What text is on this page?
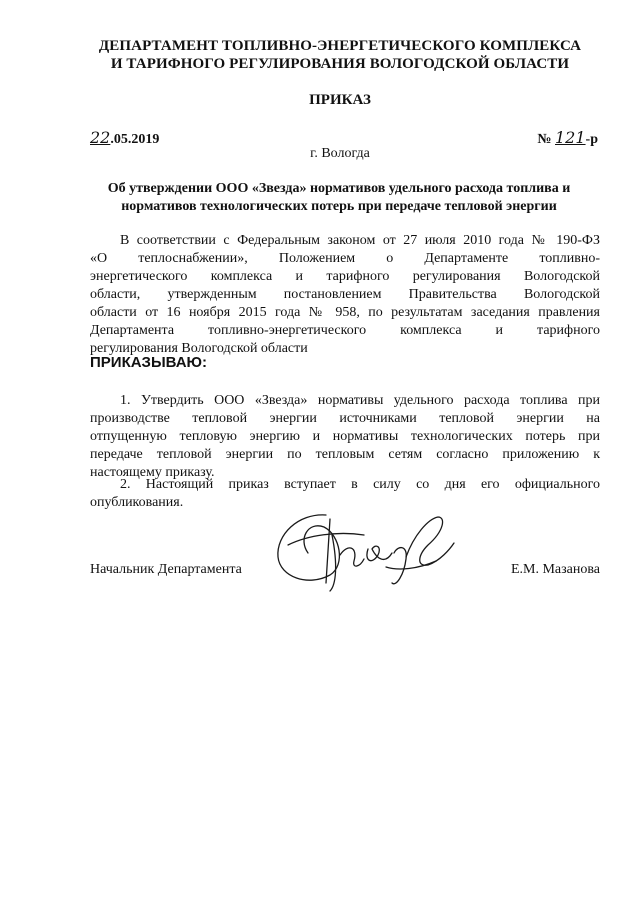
ДЕПАРТАМЕНТ ТОПЛИВНО-ЭНЕРГЕТИЧЕСКОГО КОМПЛЕКСА
И ТАРИФНОГО РЕГУЛИРОВАНИЯ ВОЛОГОДСКОЙ ОБЛАСТИ
ПРИКАЗ
22.05.2019	№ 121-р
г. Вологда
Об утверждении ООО «Звезда» нормативов удельного расхода топлива и
нормативов технологических потерь при передаче тепловой энергии
В соответствии с Федеральным законом от 27 июля 2010 года № 190-ФЗ
«О теплоснабжении», Положением о Департаменте топливно-
энергетического комплекса и тарифного регулирования Вологодской
области, утвержденным постановлением Правительства Вологодской
области от 16 ноября 2015 года № 958, по результатам заседания правления
Департамента топливно-энергетического комплекса и тарифного
регулирования Вологодской области
ПРИКАЗЫВАЮ:
1. Утвердить ООО «Звезда» нормативы удельного расхода топлива при
производстве тепловой энергии источниками тепловой энергии на
отпущенную тепловую энергию и нормативы технологических потерь при
передаче тепловой энергии по тепловым сетям согласно приложению к
настоящему приказу.
2. Настоящий приказ вступает в силу со дня его официального
опубликования.
Начальник Департамента	Е.М. Мазанова
